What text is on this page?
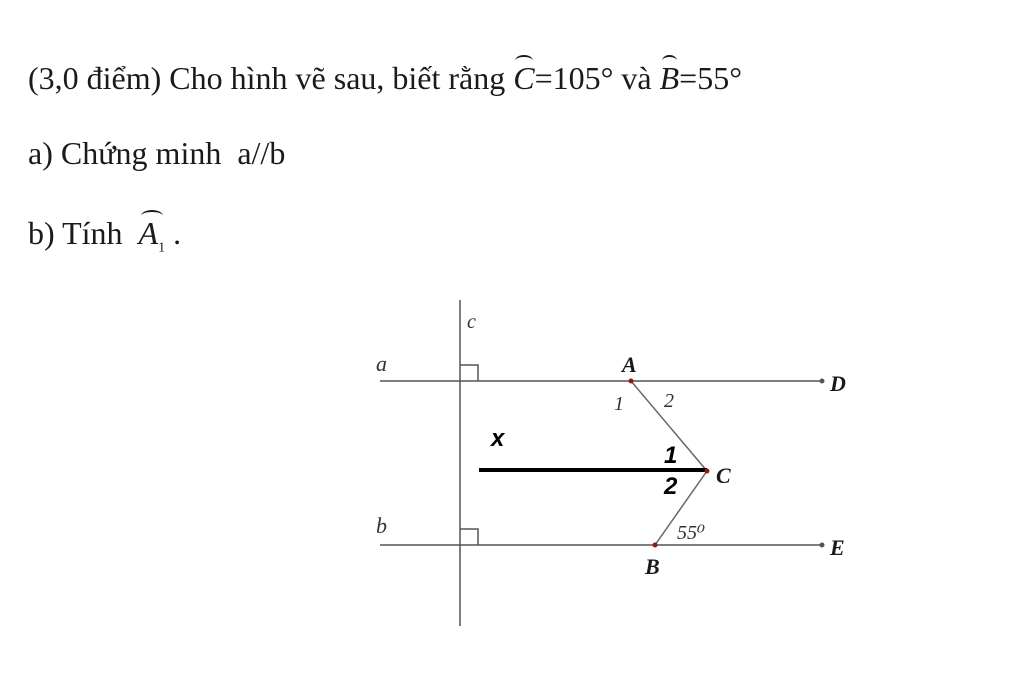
(3,0 điểm) Cho hình vẽ sau, biết rằng C=105° và B=55°
a) Chứng minh a//b
b) Tính $A_1$ .
c
a
b
A
D
C
B
E
1 2
55⁰
x
1
2
